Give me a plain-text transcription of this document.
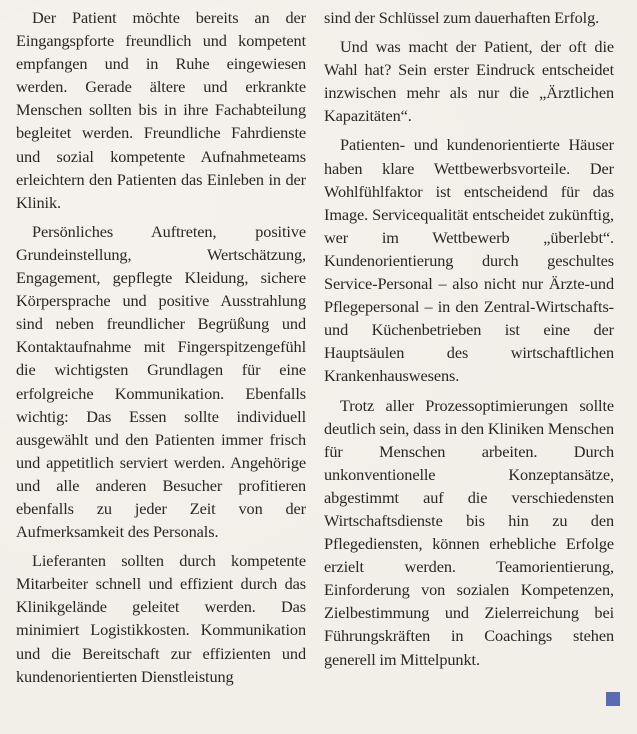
Der Patient möchte bereits an der Eingangspforte freundlich und kompetent empfangen und in Ruhe eingewiesen werden. Gerade ältere und erkrankte Menschen sollten bis in ihre Fachabteilung begleitet werden. Freundliche Fahrdienste und sozial kompetente Aufnahmeteams erleichtern den Patienten das Einleben in der Klinik.

Persönliches Auftreten, positive Grundeinstellung, Wertschätzung, Engagement, gepflegte Kleidung, sichere Körpersprache und positive Ausstrahlung sind neben freundlicher Begrüßung und Kontaktaufnahme mit Fingerspitzengefühl die wichtigsten Grundlagen für eine erfolgreiche Kommunikation. Ebenfalls wichtig: Das Essen sollte individuell ausgewählt und den Patienten immer frisch und appetitlich serviert werden. Angehörige und alle anderen Besucher profitieren ebenfalls zu jeder Zeit von der Aufmerksamkeit des Personals.

Lieferanten sollten durch kompetente Mitarbeiter schnell und effizient durch das Klinikgelände geleitet werden. Das minimiert Logistikkosten. Kommunikation und die Bereitschaft zur effizienten und kundenorientierten Dienstleistung

sind der Schlüssel zum dauerhaften Erfolg.

Und was macht der Patient, der oft die Wahl hat? Sein erster Eindruck entscheidet inzwischen mehr als nur die „Ärztlichen Kapazitäten“.

Patienten- und kundenorientierte Häuser haben klare Wettbewerbsvorteile. Der Wohlfühlfaktor ist entscheidend für das Image. Servicequalität entscheidet zukünftig, wer im Wettbewerb „überlebt“. Kundenorientierung durch geschultes Service-Personal – also nicht nur Ärzte-und Pflegepersonal – in den Zentral-Wirtschafts- und Küchenbetrieben ist eine der Hauptsäulen des wirtschaftlichen Krankenhauswesens.

Trotz aller Prozessoptimierungen sollte deutlich sein, dass in den Kliniken Menschen für Menschen arbeiten. Durch unkonventionelle Konzeptansätze, abgestimmt auf die verschiedensten Wirtschaftsdienste bis hin zu den Pflegediensten, können erhebliche Erfolge erzielt werden. Teamorientierung, Einforderung von sozialen Kompetenzen, Zielbestimmung und Zielerreichung bei Führungskräften in Coachings stehen generell im Mittelpunkt.
